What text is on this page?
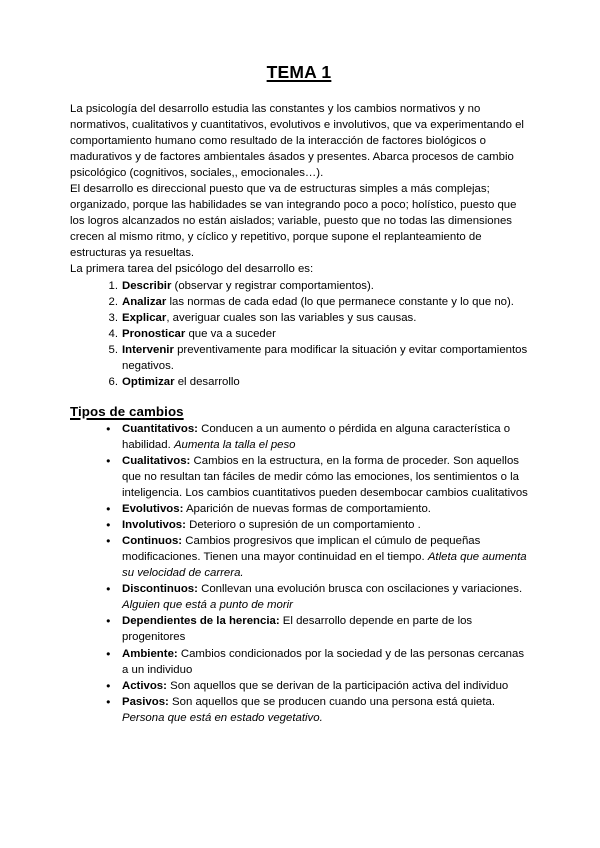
TEMA 1

La psicología del desarrollo estudia las constantes y los cambios normativos y no normativos, cualitativos y cuantitativos, evolutivos e involutivos, que va experimentando el comportamiento humano como resultado de la interacción de factores biológicos o madurativos y de factores ambientales ásados y presentes. Abarca procesos de cambio psicológico (cognitivos, sociales,, emocionales…).

El desarrollo es direccional puesto que va de estructuras simples a más complejas; organizado, porque las habilidades se van integrando poco a poco; holístico, puesto que los logros alcanzados no están aislados; variable, puesto que no todas las dimensiones crecen al mismo ritmo, y cíclico y repetitivo, porque supone el replanteamiento de estructuras ya resueltas.

La primera tarea del psicólogo del desarrollo es:

Describir (observar y registrar comportamientos).
Analizar las normas de cada edad (lo que permanece constante y lo que no).
Explicar, averiguar cuales son las variables y sus causas.
Pronosticar que va a suceder
Intervenir preventivamente para modificar la situación y evitar comportamientos negativos.
Optimizar el desarrollo
Tipos de cambios
● Cuantitativos: Conducen a un aumento o pérdida en alguna característica o habilidad. Aumenta la talla el peso
● Cualitativos: Cambios en la estructura, en la forma de proceder. Son aquellos que no resultan tan fáciles de medir cómo las emociones, los sentimientos o la inteligencia. Los cambios cuantitativos pueden desembocar cambios cualitativos
● Evolutivos: Aparición de nuevas formas de comportamiento.
● Involutivos: Deterioro o supresión de un comportamiento .
● Continuos: Cambios progresivos que implican el cúmulo de pequeñas modificaciones. Tienen una mayor continuidad en el tiempo. Atleta que aumenta su velocidad de carrera.
● Discontinuos: Conllevan una evolución brusca con oscilaciones y variaciones. Alguien que está a punto de morir
● Dependientes de la herencia: El desarrollo depende en parte de los progenitores
● Ambiente: Cambios condicionados por la sociedad y de las personas cercanas a un individuo
● Activos: Son aquellos que se derivan de la participación activa del individuo
● Pasivos: Son aquellos que se producen cuando una persona está quieta. Persona que está en estado vegetativo.
